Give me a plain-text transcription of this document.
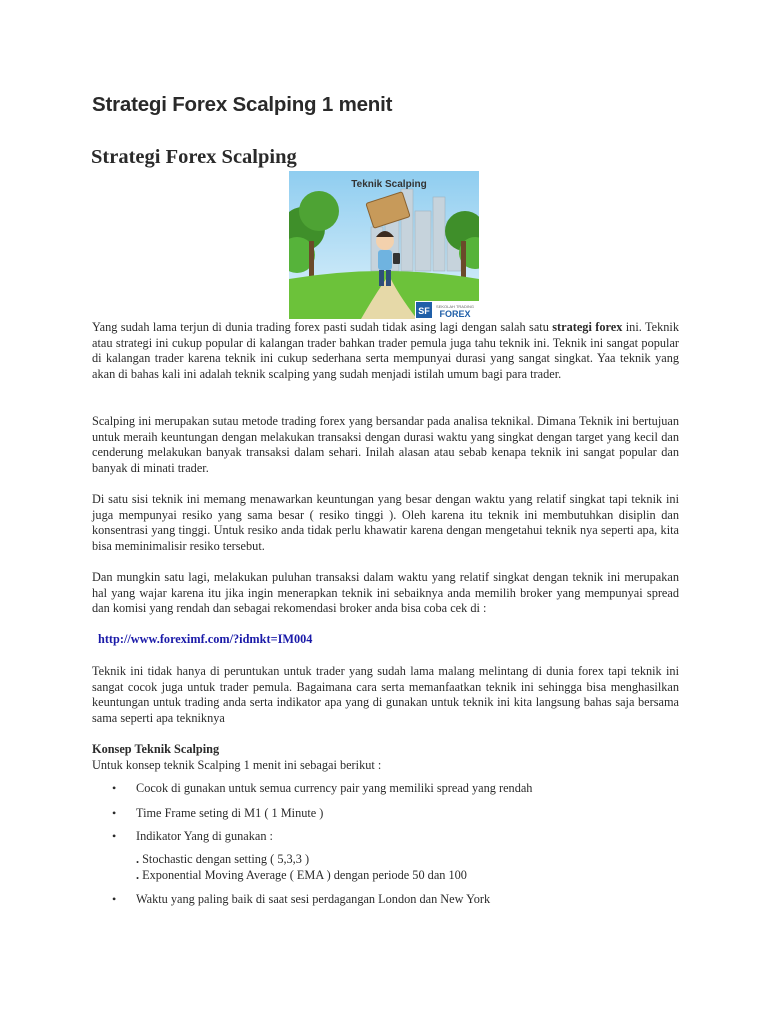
Strategi Forex Scalping 1 menit
Strategi Forex Scalping
Teknik Scalping
SF SEKOLAH TRADING
FOREX

Yang sudah lama terjun di dunia trading forex pasti sudah tidak asing lagi dengan salah satu strategi forex ini. Teknik atau strategi ini cukup popular di kalangan trader bahkan trader pemula juga tahu teknik ini. Teknik ini sangat popular di kalangan trader karena teknik ini cukup sederhana serta mempunyai durasi yang sangat singkat. Yaa teknik yang akan di bahas kali ini adalah teknik scalping yang sudah menjadi istilah umum bagi para trader.

Scalping ini merupakan sutau metode trading forex yang bersandar pada analisa teknikal. Dimana Teknik ini bertujuan untuk meraih keuntungan dengan melakukan transaksi dengan durasi waktu yang singkat dengan target yang kecil dan cenderung melakukan banyak transaksi dalam sehari. Inilah alasan atau sebab kenapa teknik ini sangat popular dan banyak di minati trader.

Di satu sisi teknik ini memang menawarkan keuntungan yang besar dengan waktu yang relatif singkat tapi teknik ini juga mempunyai resiko yang sama besar ( resiko tinggi ). Oleh karena itu teknik ini membutuhkan disiplin dan konsentrasi yang tinggi. Untuk resiko anda tidak perlu khawatir karena dengan mengetahui teknik nya seperti apa, kita bisa meminimalisir resiko tersebut.

Dan mungkin satu lagi, melakukan puluhan transaksi dalam waktu yang relatif singkat dengan teknik ini merupakan hal yang wajar karena itu jika ingin menerapkan teknik ini sebaiknya anda memilih broker yang mempunyai spread dan komisi yang rendah dan sebagai rekomendasi broker anda bisa coba cek di :

http://www.foreximf.com/?idmkt=IM004

Teknik ini tidak hanya di peruntukan untuk trader yang sudah lama malang melintang di dunia forex tapi teknik ini sangat cocok juga untuk trader pemula. Bagaimana cara serta memanfaatkan teknik ini sehingga bisa menghasilkan keuntungan untuk trading anda serta indikator apa yang di gunakan untuk teknik ini kita langsung bahas saja bersama sama seperti apa tekniknya

Konsep Teknik Scalping

Untuk konsep teknik Scalping 1 menit ini sebagai berikut :

• Cocok di gunakan untuk semua currency pair yang memiliki spread yang rendah
• Time Frame seting di M1 ( 1 Minute )
• Indikator Yang di gunakan :
. Stochastic dengan setting ( 5,3,3 )
. Exponential Moving Average ( EMA ) dengan periode 50 dan 100
• Waktu yang paling baik di saat sesi perdagangan London dan New York
